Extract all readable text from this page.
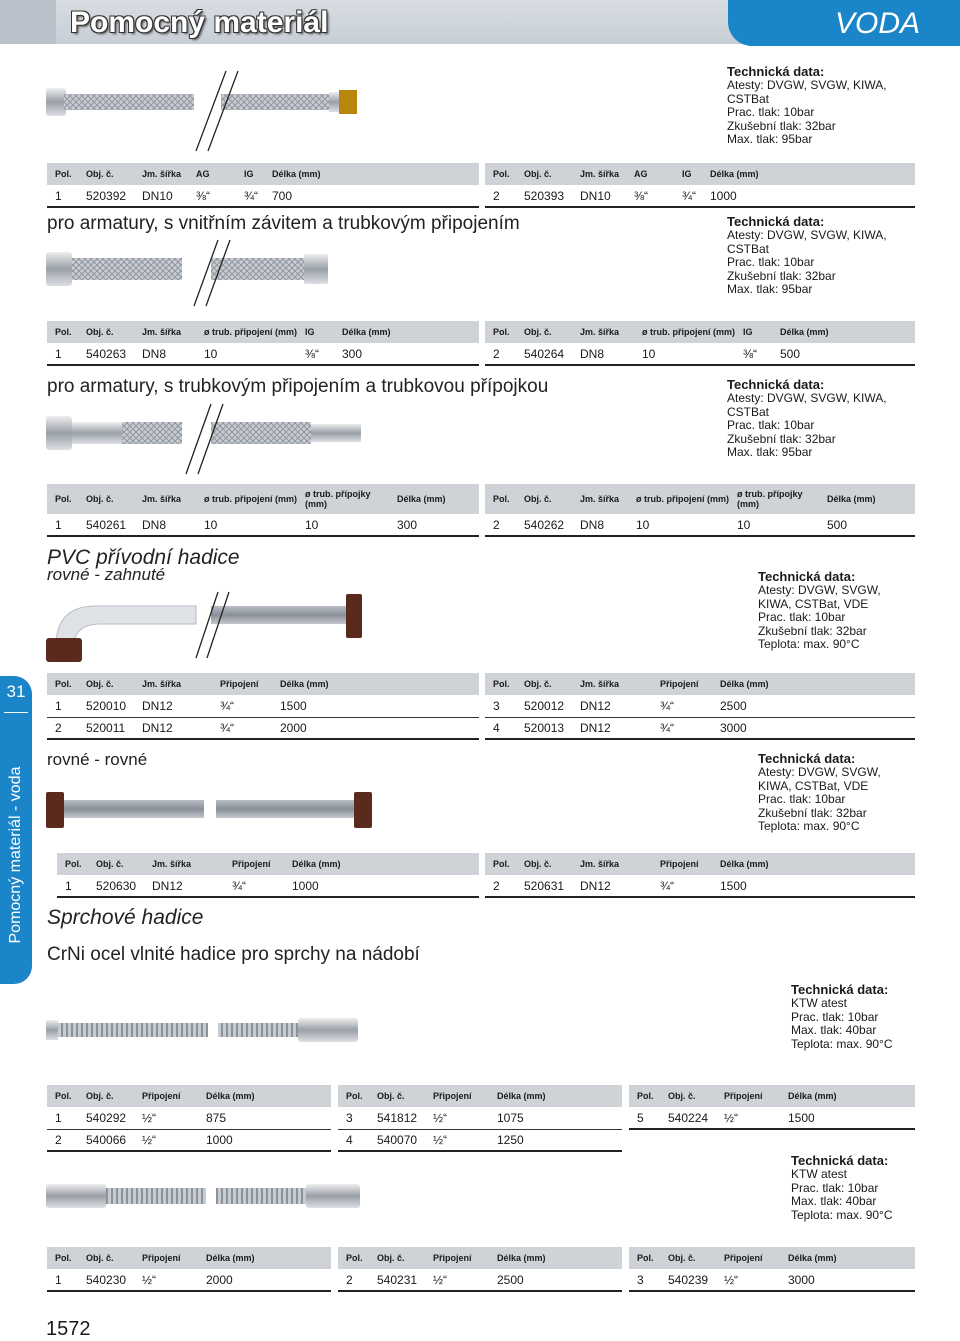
Pomocný materiál	VODA
31
Pomocný materiál - voda
Technická data:
Atesty: DVGW, SVGW, KIWA,
CSTBat
Prac. tlak: 10bar
Zkušební tlak: 32bar
Max. tlak: 95bar
Pol.	Obj. č.	Jm. šířka	AG	IG	Délka (mm)
1	520392	DN10	⅜“	¾“	700
Pol.	Obj. č.	Jm. šířka	AG	IG	Délka (mm)
2	520393	DN10	⅜“	¾“	1000
pro armatury, s vnitřním závitem a trubkovým připojením	Technická data:
Atesty: DVGW, SVGW, KIWA,
CSTBat
Prac. tlak: 10bar
Zkušební tlak: 32bar
Max. tlak: 95bar
Pol.	Obj. č.	Jm. šířka	ø trub. připojení (mm)	IG	Délka (mm)
1	540263	DN8	10	⅜“	300
Pol.	Obj. č.	Jm. šířka	ø trub. připojení (mm)	IG	Délka (mm)
2	540264	DN8	10	⅜“	500
pro armatury, s trubkovým připojením a trubkovou přípojkou	Technická data:
Atesty: DVGW, SVGW, KIWA,
CSTBat
Prac. tlak: 10bar
Zkušební tlak: 32bar
Max. tlak: 95bar
Pol.	Obj. č.	Jm. šířka	ø trub. připojení (mm)	ø trub. přípojky (mm)	Délka (mm)
1	540261	DN8	10	10	300
Pol.	Obj. č.	Jm. šířka	ø trub. připojení (mm)	ø trub. přípojky (mm)	Délka (mm)
2	540262	DN8	10	10	500
PVC přívodní hadice
rovné - zahnuté	Technická data:
Atesty: DVGW, SVGW,
KIWA, CSTBat, VDE
Prac. tlak: 10bar
Zkušební tlak: 32bar
Teplota: max. 90°C
Pol.	Obj. č.	Jm. šířka	Připojení	Délka (mm)
1	520010	DN12	¾“	1500
2	520011	DN12	¾“	2000
Pol.	Obj. č.	Jm. šířka	Připojení	Délka (mm)
3	520012	DN12	¾“	2500
4	520013	DN12	¾“	3000
rovné - rovné	Technická data:
Atesty: DVGW, SVGW,
KIWA, CSTBat, VDE
Prac. tlak: 10bar
Zkušební tlak: 32bar
Teplota: max. 90°C
Pol.	Obj. č.	Jm. šířka	Připojení	Délka (mm)
1	520630	DN12	¾“	1000
Pol.	Obj. č.	Jm. šířka	Připojení	Délka (mm)
2	520631	DN12	¾“	1500
Sprchové hadice
CrNi ocel vlnité hadice pro sprchy na nádobí
Technická data:
KTW atest
Prac. tlak: 10bar
Max. tlak: 40bar
Teplota: max. 90°C
Pol.	Obj. č.	Připojení	Délka (mm)
1	540292	½“	875
2	540066	½“	1000
Pol.	Obj. č.	Připojení	Délka (mm)
3	541812	½“	1075
4	540070	½“	1250
Pol.	Obj. č.	Připojení	Délka (mm)
5	540224	½“	1500
Technická data:
KTW atest
Prac. tlak: 10bar
Max. tlak: 40bar
Teplota: max. 90°C
Pol.	Obj. č.	Připojení	Délka (mm)
1	540230	½“	2000
Pol.	Obj. č.	Připojení	Délka (mm)
2	540231	½“	2500
Pol.	Obj. č.	Připojení	Délka (mm)
3	540239	½“	3000
1572
